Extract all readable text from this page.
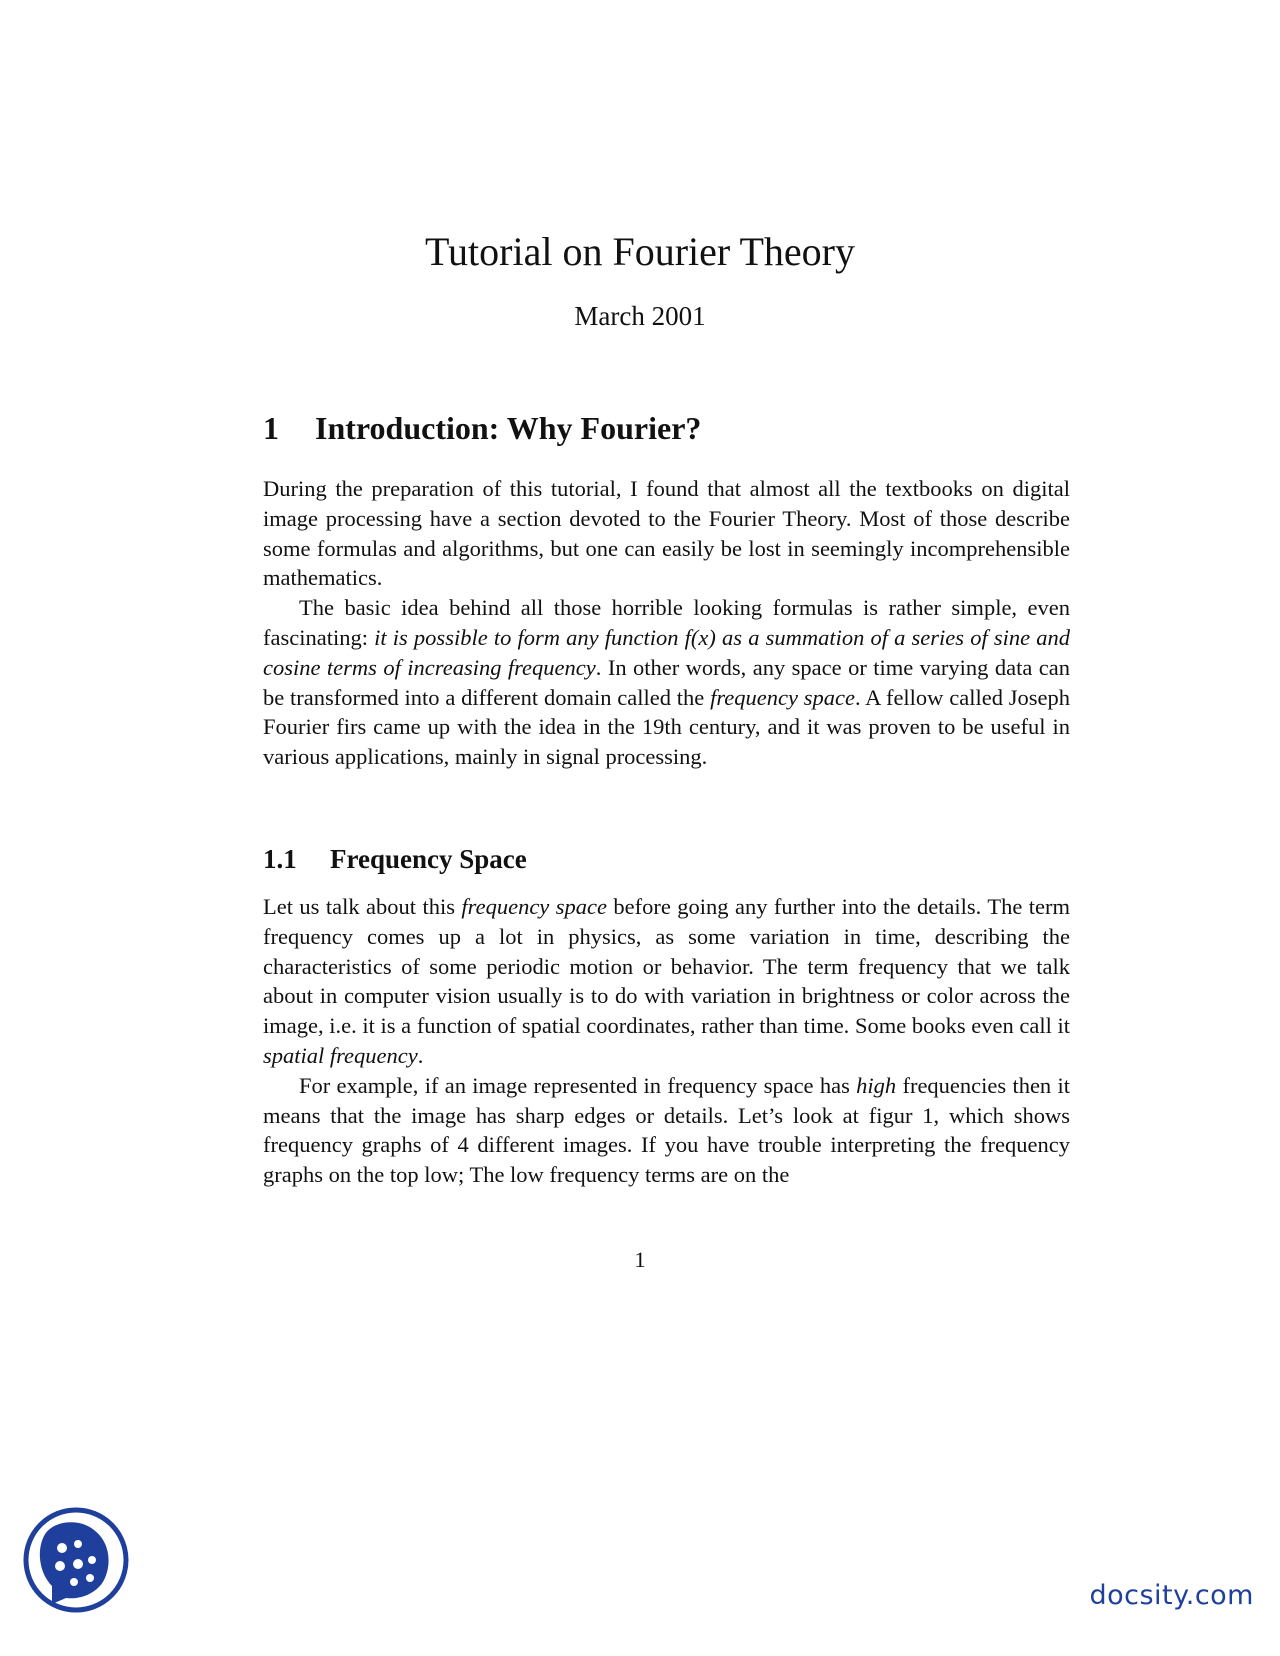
Tutorial on Fourier Theory
March 2001
1 Introduction: Why Fourier?

During the preparation of this tutorial, I found that almost all the textbooks on digital image processing have a section devoted to the Fourier Theory. Most of those describe some formulas and algorithms, but one can easily be lost in seemingly incomprehensible mathematics.

The basic idea behind all those horrible looking formulas is rather simple, even fascinating: it is possible to form any function f(x) as a summation of a series of sine and cosine terms of increasing frequency. In other words, any space or time varying data can be transformed into a different domain called the frequency space. A fellow called Joseph Fourier firs came up with the idea in the 19th century, and it was proven to be useful in various applications, mainly in signal processing.

1.1 Frequency Space

Let us talk about this frequency space before going any further into the details. The term frequency comes up a lot in physics, as some variation in time, describing the characteristics of some periodic motion or behavior. The term frequency that we talk about in computer vision usually is to do with variation in brightness or color across the image, i.e. it is a function of spatial coordinates, rather than time. Some books even call it spatial frequency.

For example, if an image represented in frequency space has high frequencies then it means that the image has sharp edges or details. Let’s look at figur 1, which shows frequency graphs of 4 different images. If you have trouble interpreting the frequency graphs on the top low; The low frequency terms are on the

1
docsity.com
